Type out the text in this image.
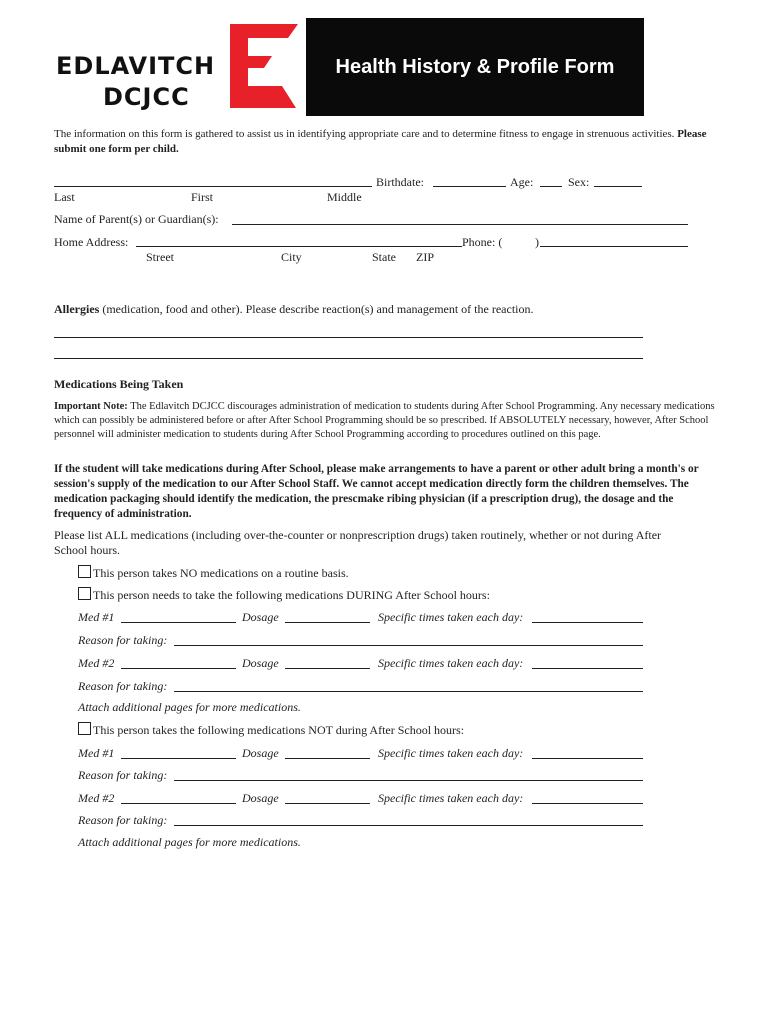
EDLAVITCH
DCJCC
Health History & Profile Form
The information on this form is gathered to assist us in identifying appropriate care and to determine fitness to engage in strenuous activities. Please submit one form per child.
Birthdate:	Age:	Sex:
Last	First	Middle
Name of Parent(s) or Guardian(s):
Home Address:	Phone: (	)
Street	City	State ZIP
Allergies (medication, food and other). Please describe reaction(s) and management of the reaction.
Medications Being Taken
Important Note: The Edlavitch DCJCC discourages administration of medication to students during After School Programming. Any necessary medications which can possibly be administered before or after After School Programming should be so prescribed. If ABSOLUTELY necessary, however, After School personnel will administer medication to students during After School Programming according to procedures outlined on this page.
If the student will take medications during After School, please make arrangements to have a parent or other adult bring a month's or session's supply of the medication to our After School Staff. We cannot accept medication directly form the children themselves. The medication packaging should identify the medication, the prescmake ribing physician (if a prescription drug), the dosage and the frequency of administration.
Please list ALL medications (including over-the-counter or nonprescription drugs) taken routinely, whether or not during After School hours.
This person takes NO medications on a routine basis.
This person needs to take the following medications DURING After School hours:
Med #1	Dosage	Specific times taken each day:
Reason for taking:
Med #2	Dosage	Specific times taken each day:
Reason for taking:
Attach additional pages for more medications.
This person takes the following medications NOT during After School hours:
Med #1	Dosage	Specific times taken each day:
Reason for taking:
Med #2	Dosage	Specific times taken each day:
Reason for taking:
Attach additional pages for more medications.
